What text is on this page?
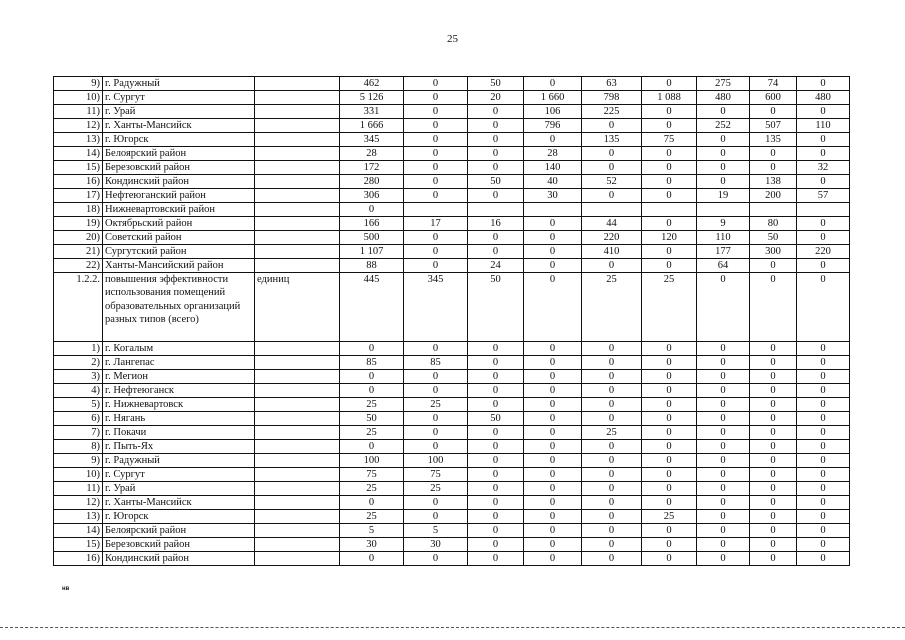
25
9)	г. Радужный		462	0	50	0	63	0	275	74	0
10)	г. Сургут		5 126	0	20	1 660	798	1 088	480	600	480
11)	г. Урай		331	0	0	106	225	0	0	0	0
12)	г. Ханты-Мансийск		1 666	0	0	796	0	0	252	507	110
13)	г. Югорск		345	0	0	0	135	75	0	135	0
14)	Белоярский район		28	0	0	28	0	0	0	0	0
15)	Березовский район		172	0	0	140	0	0	0	0	32
16)	Кондинский район		280	0	50	40	52	0	0	138	0
17)	Нефтеюганский район		306	0	0	30	0	0	19	200	57
18)	Нижневартовский район		0								
19)	Октябрьский район		166	17	16	0	44	0	9	80	0
20)	Советский район		500	0	0	0	220	120	110	50	0
21)	Сургутский район		1 107	0	0	0	410	0	177	300	220
22)	Ханты-Мансийский район		88	0	24	0	0	0	64	0	0
1.2.2.	повышения эффективности использования помещений образовательных организаций разных типов (всего)	единиц	445	345	50	0	25	25	0	0	0
1)	г. Когалым		0	0	0	0	0	0	0	0	0
2)	г. Лангепас		85	85	0	0	0	0	0	0	0
3)	г. Мегион		0	0	0	0	0	0	0	0	0
4)	г. Нефтеюганск		0	0	0	0	0	0	0	0	0
5)	г. Нижневартовск		25	25	0	0	0	0	0	0	0
6)	г. Нягань		50	0	50	0	0	0	0	0	0
7)	г. Покачи		25	0	0	0	25	0	0	0	0
8)	г. Пыть-Ях		0	0	0	0	0	0	0	0	0
9)	г. Радужный		100	100	0	0	0	0	0	0	0
10)	г. Сургут		75	75	0	0	0	0	0	0	0
11)	г. Урай		25	25	0	0	0	0	0	0	0
12)	г. Ханты-Мансийск		0	0	0	0	0	0	0	0	0
13)	г. Югорск		25	0	0	0	0	25	0	0	0
14)	Белоярский район		5	5	0	0	0	0	0	0	0
15)	Березовский район		30	30	0	0	0	0	0	0	0
16)	Кондинский район		0	0	0	0	0	0	0	0	0
нв
